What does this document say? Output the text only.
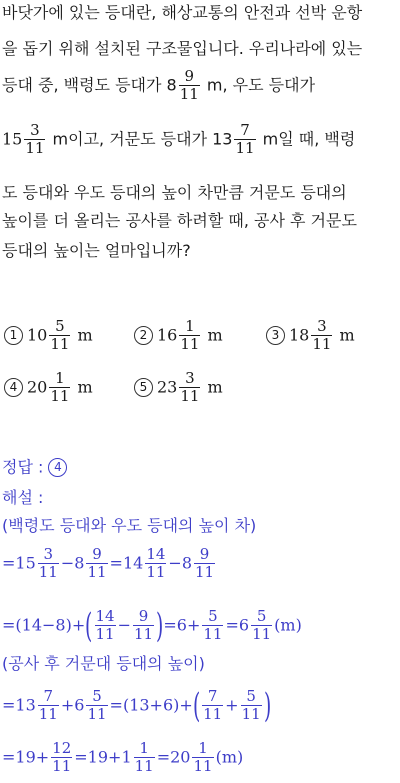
바닷가에 있는 등대란, 해상교통의 안전과 선박 운항
을 돕기 위해 설치된 구조물입니다. 우리나라에 있는
등대 중, 백령도 등대가 $8 \frac{9}{11} m$, 우도 등대가
$15 \frac{3}{11}$ m이고, 거문도 등대가 $13 \frac{7}{11}$ m일 때, 백령
도 등대와 우도 등대의 높이 차만큼 거문도 등대의
높이를 더 올리는 공사를 하려할 때, 공사 후 거문도
등대의 높이는 얼마입니까?
1 $10 \frac{5}{11}$ m	2 $16 \frac{1}{11}$ m	3 $18 \frac{3}{11}$ m
4 $20 \frac{1}{11}$ m	5 $23 \frac{3}{11}$ m
정답 : 4
해설 :
(백령도 등대와 우도 등대의 높이 차)
$=15 \frac{3}{11} -8 \frac{9}{11} =14 \frac{14}{11} -8 \frac{9}{11}$
$=(14-8)+( \frac{14}{11} - \frac{9}{11} )=6+ \frac{5}{11} =6 \frac{5}{11} (m)$
(공사 후 거문대 등대의 높이)
$=13 \frac{7}{11} +6 \frac{5}{11} =(13+6)+( \frac{7}{11} + \frac{5}{11}$ )
$=19+ \frac{12}{11} =19+1 \frac{1}{11} =20 \frac{1}{11} (m)$
